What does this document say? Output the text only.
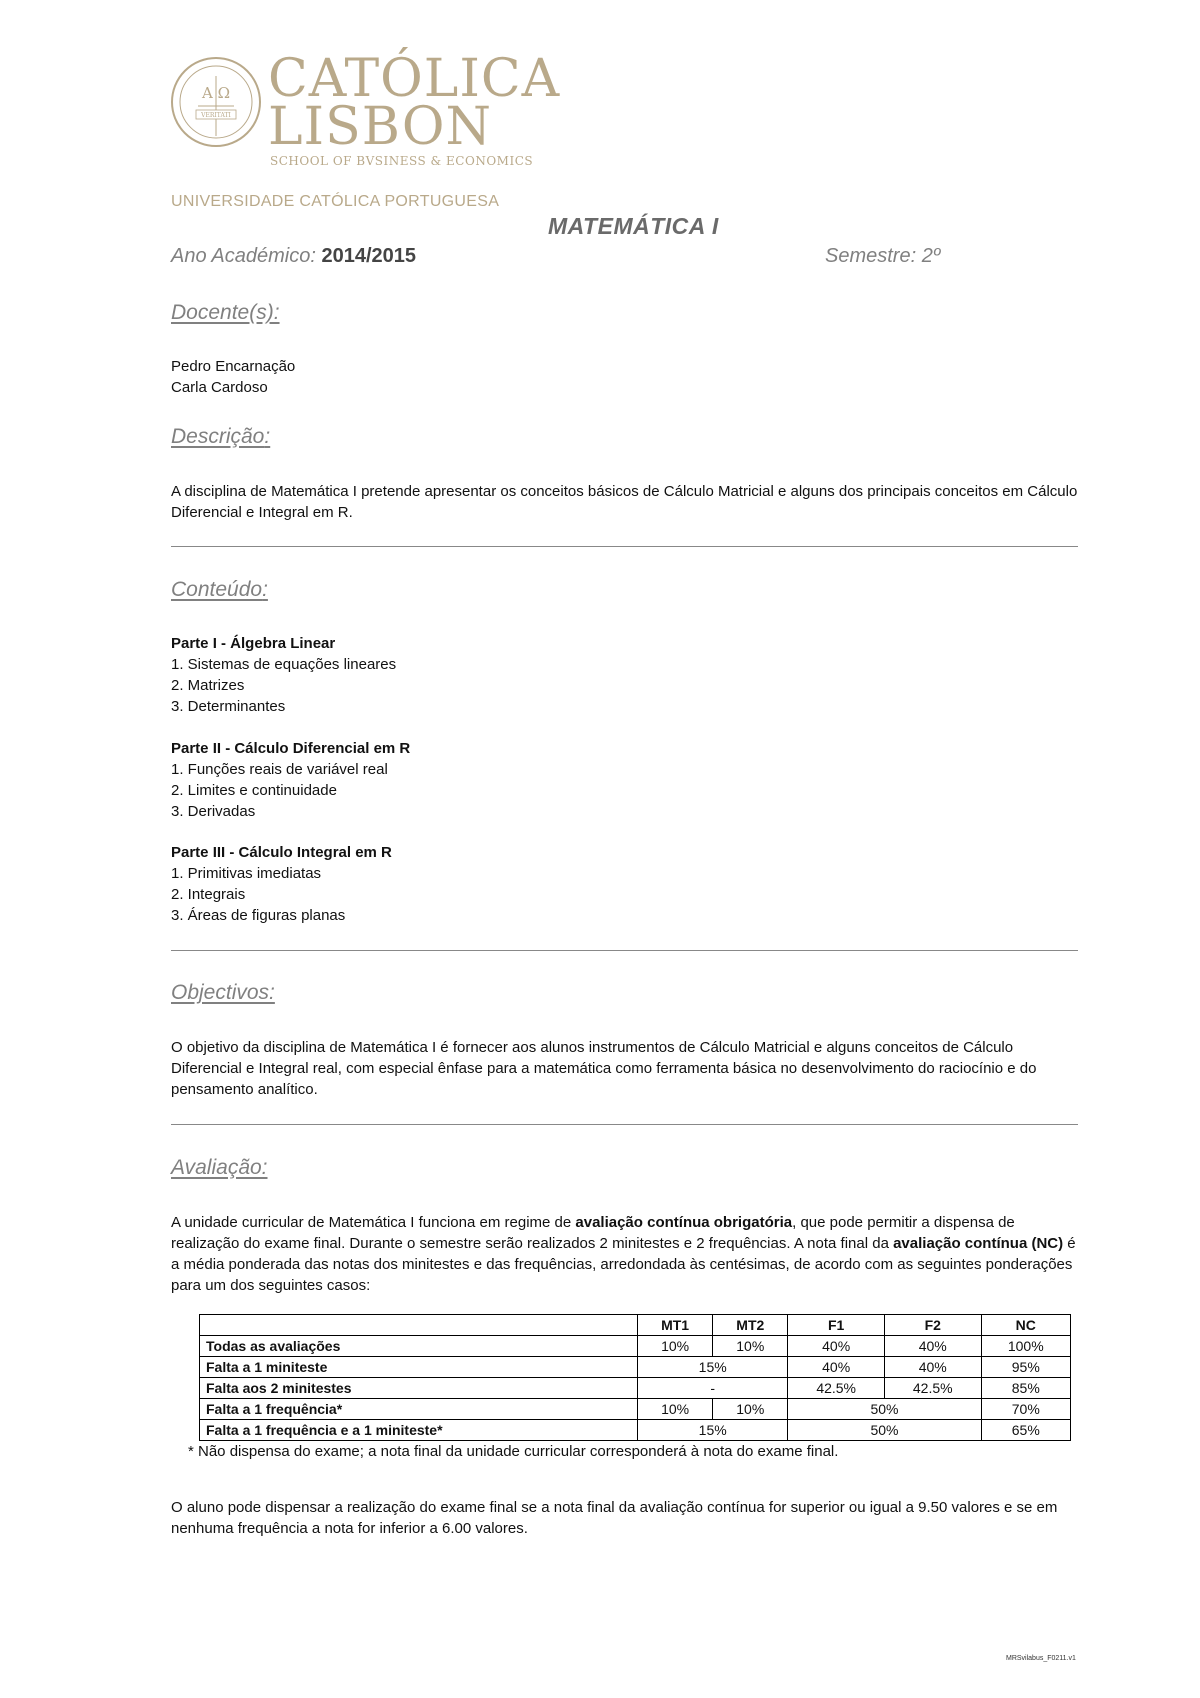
A Ω
VERITATI
CATÓLICA
LISBON
SCHOOL OF BVSINESS & ECONOMICS
UNIVERSIDADE CATÓLICA PORTUGUESA
MATEMÁTICA I
Ano Académico: 2014/2015	Semestre: 2º
Docente(s):
Pedro Encarnação
Carla Cardoso
Descrição:
A disciplina de Matemática I pretende apresentar os conceitos básicos de Cálculo Matricial e alguns dos principais conceitos em Cálculo Diferencial e Integral em R.
Conteúdo:
Parte I - Álgebra Linear
1. Sistemas de equações lineares
2. Matrizes
3. Determinantes
Parte II - Cálculo Diferencial em R
1. Funções reais de variável real
2. Limites e continuidade
3. Derivadas
Parte III - Cálculo Integral em R
1. Primitivas imediatas
2. Integrais
3. Áreas de figuras planas
Objectivos:
O objetivo da disciplina de Matemática I é fornecer aos alunos instrumentos de Cálculo Matricial e alguns conceitos de Cálculo Diferencial e Integral real, com especial ênfase para a matemática como ferramenta básica no desenvolvimento do raciocínio e do pensamento analítico.
Avaliação:
A unidade curricular de Matemática I funciona em regime de avaliação contínua obrigatória, que pode permitir a dispensa de realização do exame final. Durante o semestre serão realizados 2 minitestes e 2 frequências. A nota final da avaliação contínua (NC) é a média ponderada das notas dos minitestes e das frequências, arredondada às centésimas, de acordo com as seguintes ponderações para um dos seguintes casos:
	MT1	MT2	F1	F2	NC
Todas as avaliações	10%	10%	40%	40%	100%
Falta a 1 miniteste	15%		40%	40%	95%
Falta aos 2 minitestes	-		42.5%	42.5%	85%
Falta a 1 frequência*	10%	10%	50%		70%
Falta a 1 frequência e a 1 miniteste*	15%		50%		65%
* Não dispensa do exame; a nota final da unidade curricular corresponderá à nota do exame final.
O aluno pode dispensar a realização do exame final se a nota final da avaliação contínua for superior ou igual a 9.50 valores e se em nenhuma frequência a nota for inferior a 6.00 valores.
MRSvilabus_F0211.v1
